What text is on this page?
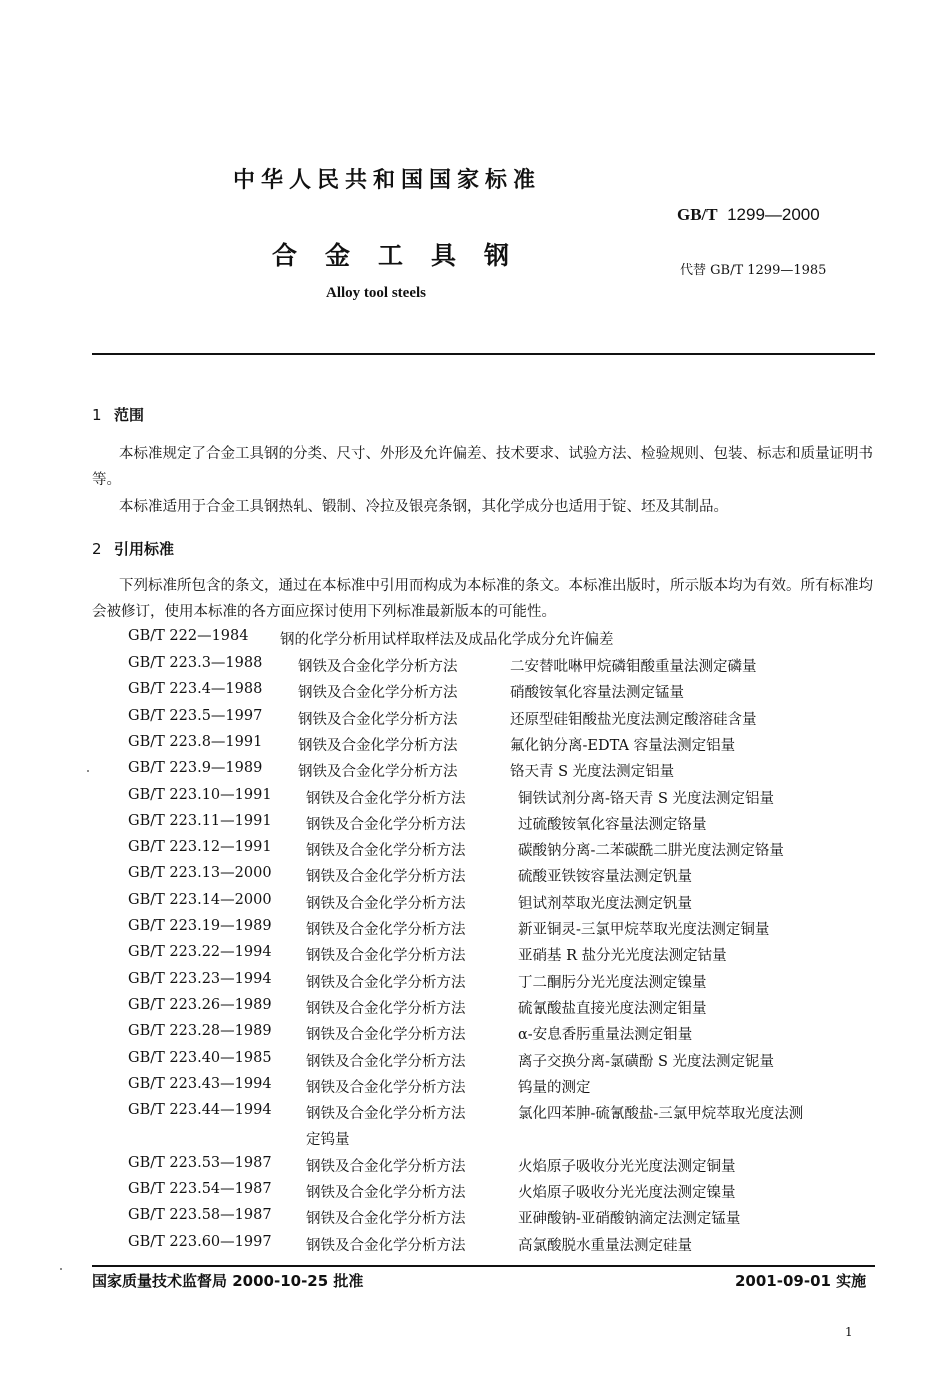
中华人民共和国国家标准
GB/T 1299—2000
合金工具钢
代替 GB/T 1299—1985
Alloy tool steels
1 范围
本标准规定了合金工具钢的分类、尺寸、外形及允许偏差、技术要求、试验方法、检验规则、包装、标志和质量证明书等。
本标准适用于合金工具钢热轧、锻制、冷拉及银亮条钢，其化学成分也适用于锭、坯及其制品。
2 引用标准
下列标准所包含的条文，通过在本标准中引用而构成为本标准的条文。本标准出版时，所示版本均为有效。所有标准均会被修订，使用本标准的各方面应探讨使用下列标准最新版本的可能性。
GB/T 222—1984 钢的化学分析用试样取样法及成品化学成分允许偏差
GB/T 223.3—1988 钢铁及合金化学分析方法	二安替吡啉甲烷磷钼酸重量法测定磷量
GB/T 223.4—1988 钢铁及合金化学分析方法	硝酸铵氧化容量法测定锰量
GB/T 223.5—1997 钢铁及合金化学分析方法	还原型硅钼酸盐光度法测定酸溶硅含量
GB/T 223.8—1991 钢铁及合金化学分析方法	氟化钠分离-EDTA 容量法测定铝量
GB/T 223.9—1989 钢铁及合金化学分析方法	铬天青 S 光度法测定铝量
GB/T 223.10—1991 钢铁及合金化学分析方法	铜铁试剂分离-铬天青 S 光度法测定铝量
GB/T 223.11—1991 钢铁及合金化学分析方法	过硫酸铵氧化容量法测定铬量
GB/T 223.12—1991 钢铁及合金化学分析方法	碳酸钠分离-二苯碳酰二肼光度法测定铬量
GB/T 223.13—2000 钢铁及合金化学分析方法	硫酸亚铁铵容量法测定钒量
GB/T 223.14—2000 钢铁及合金化学分析方法	钽试剂萃取光度法测定钒量
GB/T 223.19—1989 钢铁及合金化学分析方法	新亚铜灵-三氯甲烷萃取光度法测定铜量
GB/T 223.22—1994 钢铁及合金化学分析方法	亚硝基 R 盐分光光度法测定钴量
GB/T 223.23—1994 钢铁及合金化学分析方法	丁二酮肟分光光度法测定镍量
GB/T 223.26—1989 钢铁及合金化学分析方法	硫氰酸盐直接光度法测定钼量
GB/T 223.28—1989 钢铁及合金化学分析方法	α-安息香肟重量法测定钼量
GB/T 223.40—1985 钢铁及合金化学分析方法	离子交换分离-氯磺酚 S 光度法测定铌量
GB/T 223.43—1994 钢铁及合金化学分析方法	钨量的测定
GB/T 223.44—1994 钢铁及合金化学分析方法	氯化四苯胂-硫氰酸盐-三氯甲烷萃取光度法测
定钨量
GB/T 223.53—1987 钢铁及合金化学分析方法	火焰原子吸收分光光度法测定铜量
GB/T 223.54—1987 钢铁及合金化学分析方法	火焰原子吸收分光光度法测定镍量
GB/T 223.58—1987 钢铁及合金化学分析方法	亚砷酸钠-亚硝酸钠滴定法测定锰量
GB/T 223.60—1997 钢铁及合金化学分析方法	高氯酸脱水重量法测定硅量
国家质量技术监督局 2000-10-25 批准	2001-09-01 实施
1
